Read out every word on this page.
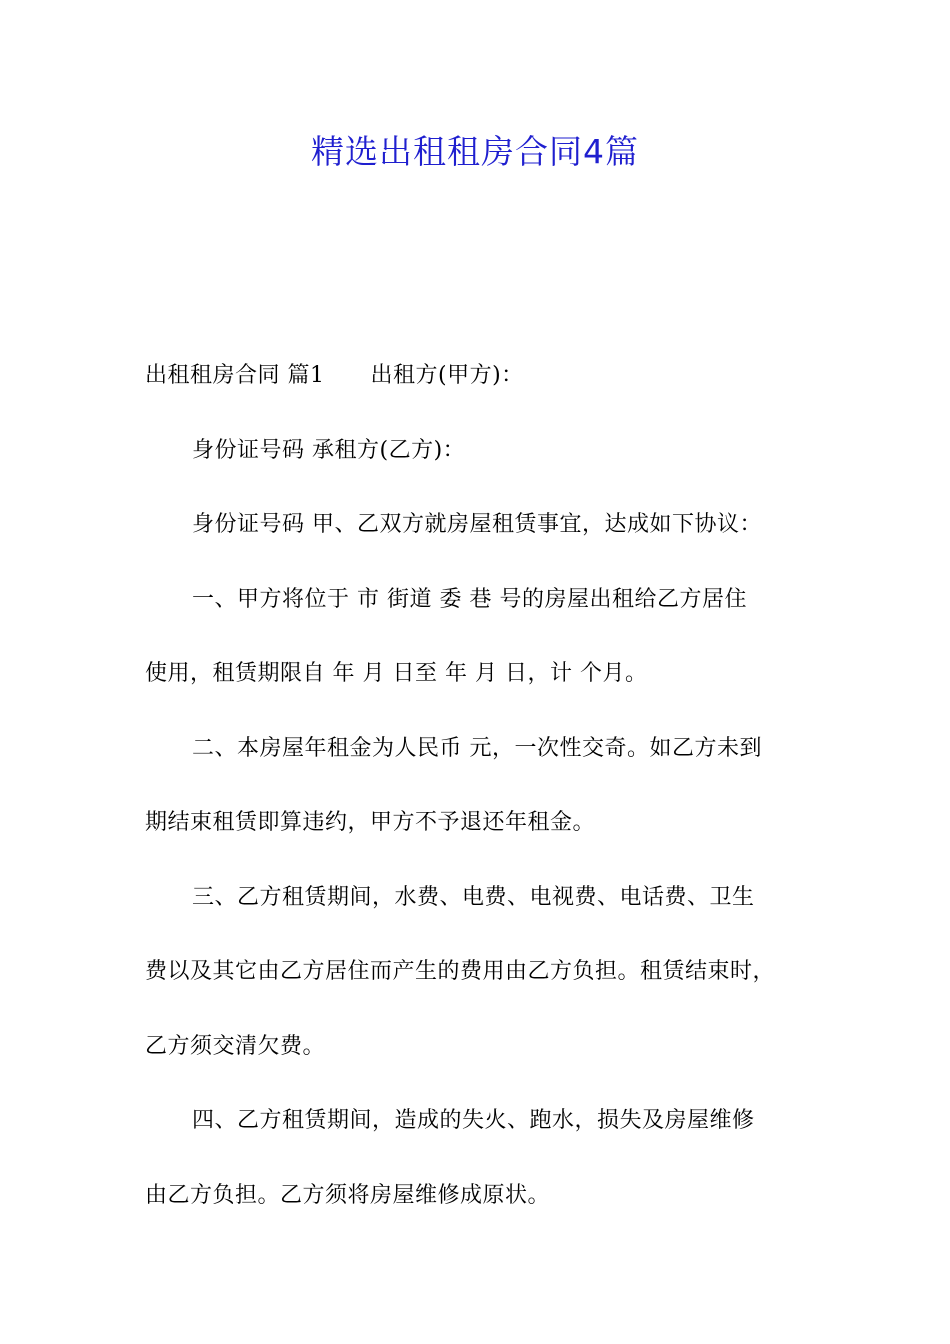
精选出租租房合同4篇
出租租房合同 篇1 出租方(甲方)：
身份证号码 承租方(乙方)：
身份证号码 甲、乙双方就房屋租赁事宜，达成如下协议：
一、甲方将位于 市 街道 委 巷 号的房屋出租给乙方居住
使用，租赁期限自 年 月 日至 年 月 日，计 个月。
二、本房屋年租金为人民币 元，一次性交奇。如乙方未到
期结束租赁即算违约，甲方不予退还年租金。
三、乙方租赁期间，水费、电费、电视费、电话费、卫生
费以及其它由乙方居住而产生的费用由乙方负担。租赁结束时，
乙方须交清欠费。
四、乙方租赁期间，造成的失火、跑水，损失及房屋维修
由乙方负担。乙方须将房屋维修成原状。
